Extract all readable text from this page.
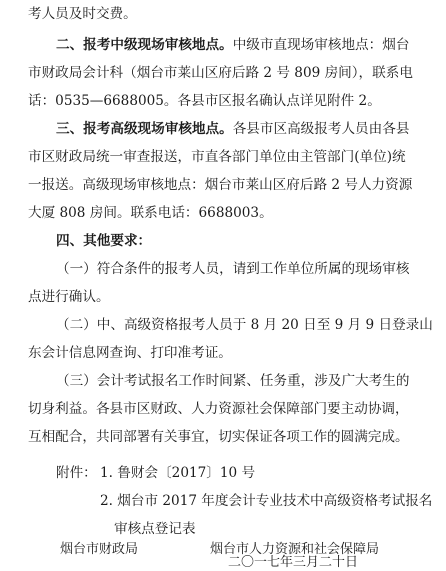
考人员及时交费。
二、报考中级现场审核地点。中级市直现场审核地点：烟台
市财政局会计科（烟台市莱山区府后路 2 号 809 房间），联系电
话：0535—6688005。各县市区报名确认点详见附件 2。
三、报考高级现场审核地点。各县市区高级报考人员由各县
市区财政局统一审查报送，市直各部门单位由主管部门(单位)统
一报送。高级现场审核地点：烟台市莱山区府后路 2 号人力资源
大厦 808 房间。联系电话：6688003。
四、其他要求：
（一）符合条件的报考人员，请到工作单位所属的现场审核
点进行确认。
（二）中、高级资格报考人员于 8 月 20 日至 9 月 9 日登录山
东会计信息网查询、打印准考证。
（三）会计考试报名工作时间紧、任务重，涉及广大考生的
切身利益。各县市区财政、人力资源社会保障部门要主动协调，
互相配合，共同部署有关事宜，切实保证各项工作的圆满完成。
附件： 1. 鲁财会〔2017〕10 号
2. 烟台市 2017 年度会计专业技术中高级资格考试报名
审核点登记表
烟台市财政局	烟台市人力资源和社会保障局
二〇一七年三月二十日
